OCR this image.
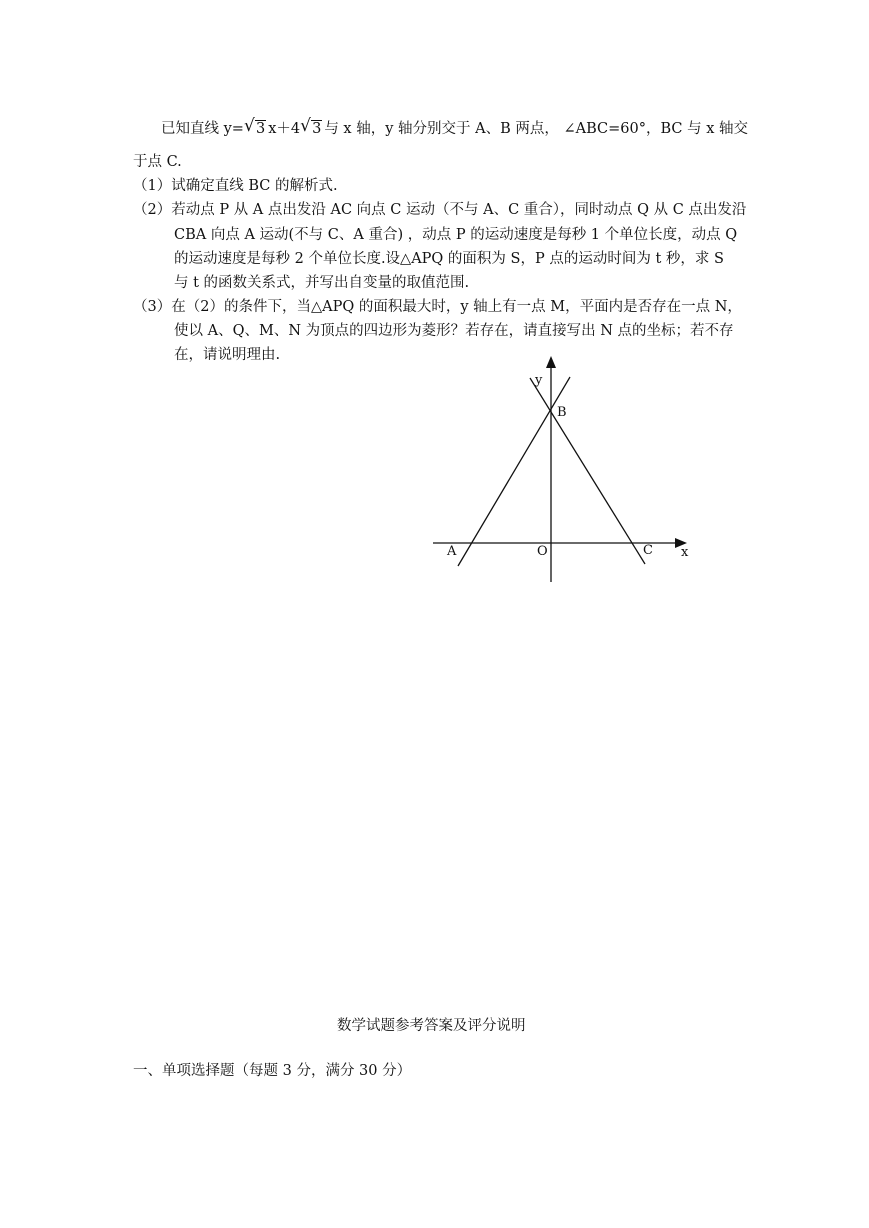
已知直线 y= √ 3 x＋4 √ 3 与 x 轴，y 轴分别交于 A、B 两点， ∠ABC=60°，BC 与 x 轴交
于点 C.
（1）试确定直线 BC 的解析式.
（2）若动点 P 从 A 点出发沿 AC 向点 C 运动（不与 A、C 重合），同时动点 Q 从 C 点出发沿
CBA 向点 A 运动(不与 C、A 重合) ，动点 P 的运动速度是每秒 1 个单位长度，动点 Q
的运动速度是每秒 2 个单位长度.设△APQ 的面积为 S，P 点的运动时间为 t 秒，求 S
与 t 的函数关系式，并写出自变量的取值范围.
（3）在（2）的条件下，当△APQ 的面积最大时，y 轴上有一点 M，平面内是否存在一点 N，
使以 A、Q、M、N 为顶点的四边形为菱形？若存在，请直接写出 N 点的坐标；若不存
在，请说明理由.
y
B
A	O	C x
数学试题参考答案及评分说明
一、单项选择题（每题 3 分，满分 30 分）
